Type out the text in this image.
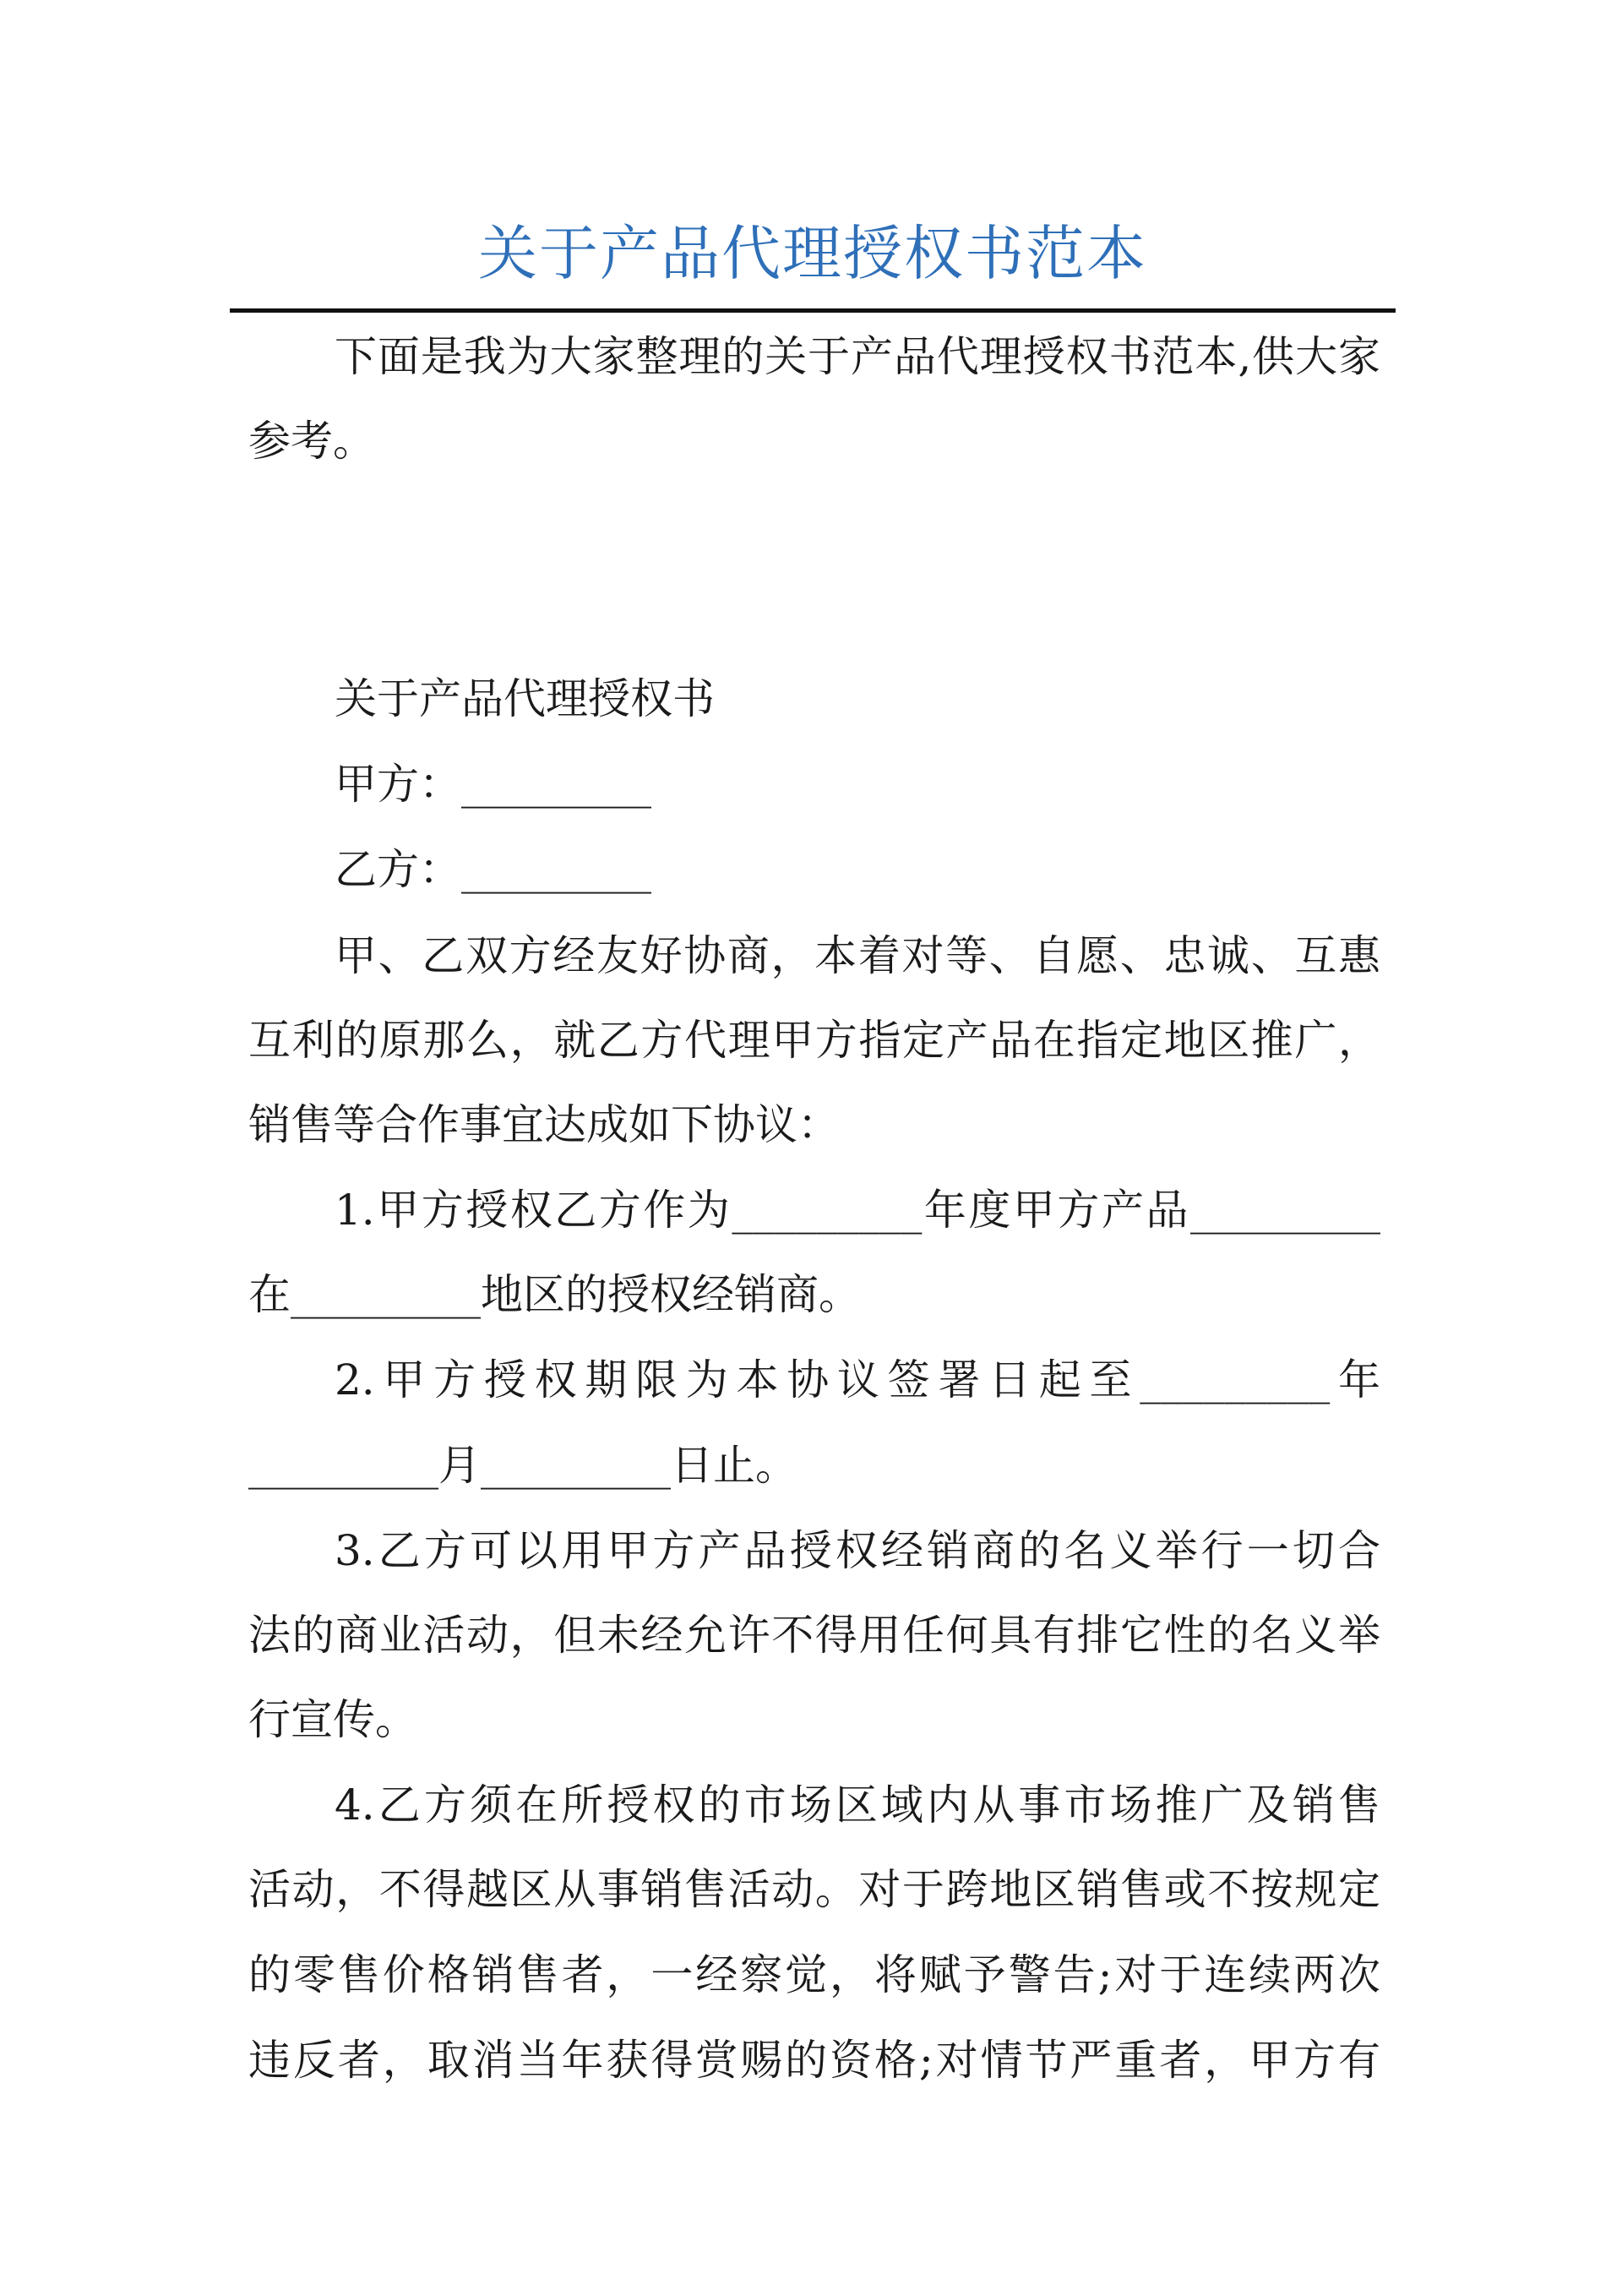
关于产品代理授权书范本
下面是我为大家整理的关于产品代理授权书范本,供大家
参考。
关于产品代理授权书
甲方：_________
乙方：_________
甲、乙双方经友好协商，本着对等、自愿、忠诚、互惠
互利的原那么，就乙方代理甲方指定产品在指定地区推广，
销售等合作事宜达成如下协议：
1.甲方授权乙方作为_________年度甲方产品_________
在_________地区的授权经销商。
2.甲方授权期限为本协议签署日起至_________年
_________月_________日止。
3.乙方可以用甲方产品授权经销商的名义举行一切合
法的商业活动，但未经允许不得用任何具有排它性的名义举
行宣传。
4.乙方须在所授权的市场区域内从事市场推广及销售
活动，不得越区从事销售活动。对于跨地区销售或不按规定
的零售价格销售者，一经察觉，将赋予警告;对于连续两次
违反者，取消当年获得赏赐的资格;对情节严重者，甲方有
